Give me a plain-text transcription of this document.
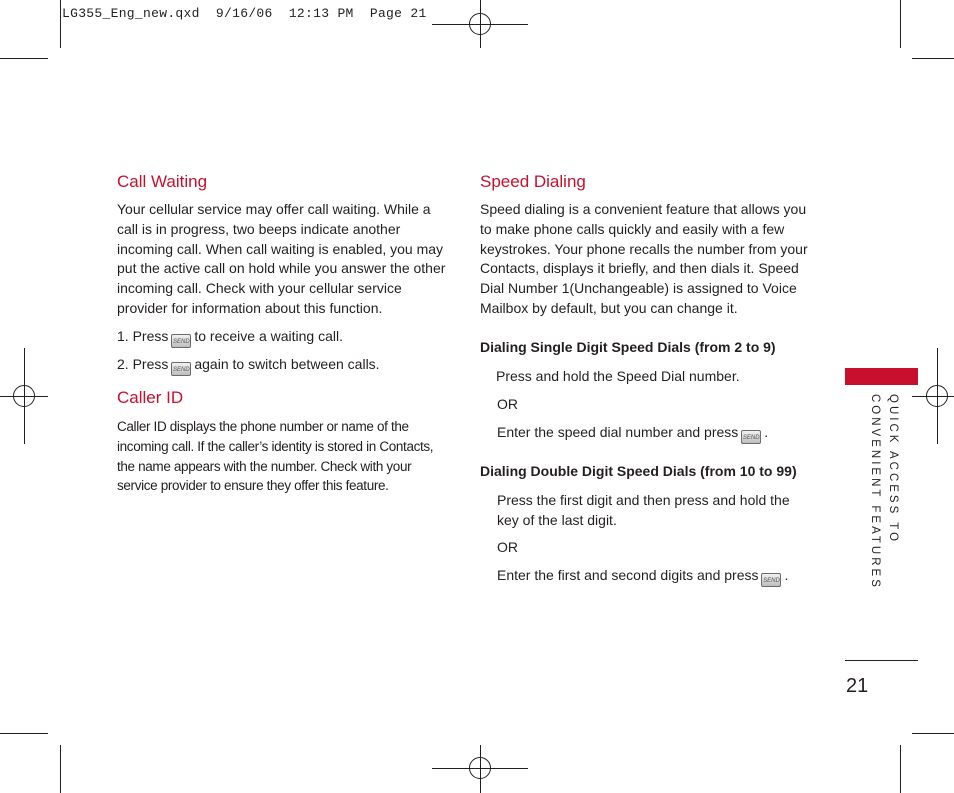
LG355_Eng_new.qxd  9/16/06  12:13 PM  Page 21
Call Waiting

Your cellular service may offer call waiting. While a call is in progress, two beeps indicate another incoming call. When call waiting is enabled, you may put the active call on hold while you answer the other incoming call. Check with your cellular service provider for information about this function.

1. Press SEND to receive a waiting call.

2. Press SEND again to switch between calls.

Caller ID

Caller ID displays the phone number or name of the incoming call. If the caller’s identity is stored in Contacts, the name appears with the number. Check with your service provider to ensure they offer this feature.

Speed Dialing

Speed dialing is a convenient feature that allows you to make phone calls quickly and easily with a few keystrokes. Your phone recalls the number from your Contacts, displays it briefly, and then dials it. Speed Dial Number 1(Unchangeable) is assigned to Voice Mailbox by default, but you can change it.

Dialing Single Digit Speed Dials (from 2 to 9)

Press and hold the Speed Dial number.

OR

Enter the speed dial number and press SEND .

Dialing Double Digit Speed Dials (from 10 to 99)

Press the first digit and then press and hold the key of the last digit.

OR

Enter the first and second digits and press SEND .

QUICK ACCESS TO CONVENIENT FEATURES
21
